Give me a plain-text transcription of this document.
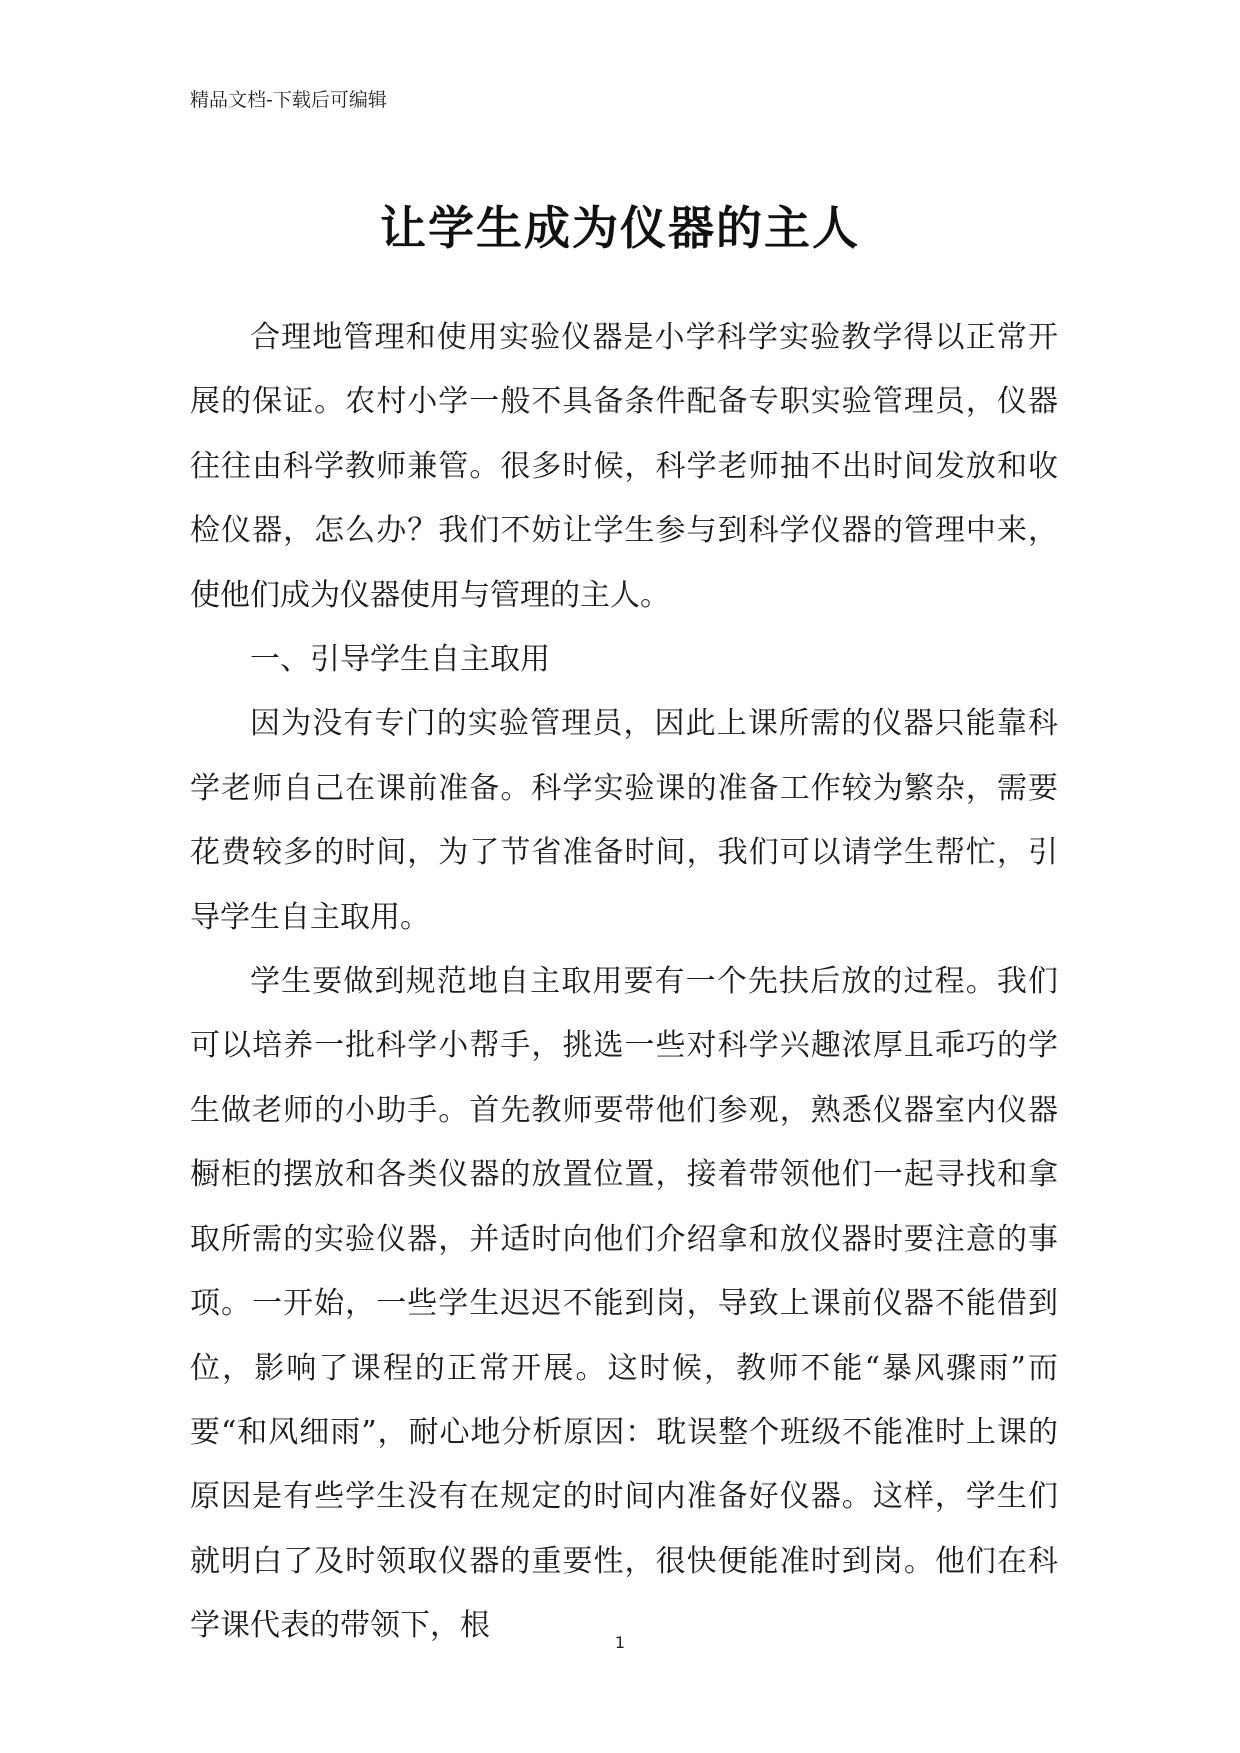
精品文档-下载后可编辑
让学生成为仪器的主人

合理地管理和使用实验仪器是小学科学实验教学得以正常开展的保证。农村小学一般不具备条件配备专职实验管理员，仪器往往由科学教师兼管。很多时候，科学老师抽不出时间发放和收检仪器，怎么办？我们不妨让学生参与到科学仪器的管理中来，使他们成为仪器使用与管理的主人。

一、引导学生自主取用

因为没有专门的实验管理员，因此上课所需的仪器只能靠科学老师自己在课前准备。科学实验课的准备工作较为繁杂，需要花费较多的时间，为了节省准备时间，我们可以请学生帮忙，引导学生自主取用。

学生要做到规范地自主取用要有一个先扶后放的过程。我们可以培养一批科学小帮手，挑选一些对科学兴趣浓厚且乖巧的学生做老师的小助手。首先教师要带他们参观，熟悉仪器室内仪器橱柜的摆放和各类仪器的放置位置，接着带领他们一起寻找和拿取所需的实验仪器，并适时向他们介绍拿和放仪器时要注意的事项。一开始，一些学生迟迟不能到岗，导致上课前仪器不能借到位，影响了课程的正常开展。这时候，教师不能“暴风骤雨”而要“和风细雨”，耐心地分析原因：耽误整个班级不能准时上课的原因是有些学生没有在规定的时间内准备好仪器。这样，学生们就明白了及时领取仪器的重要性，很快便能准时到岗。他们在科学课代表的带领下，根	1
